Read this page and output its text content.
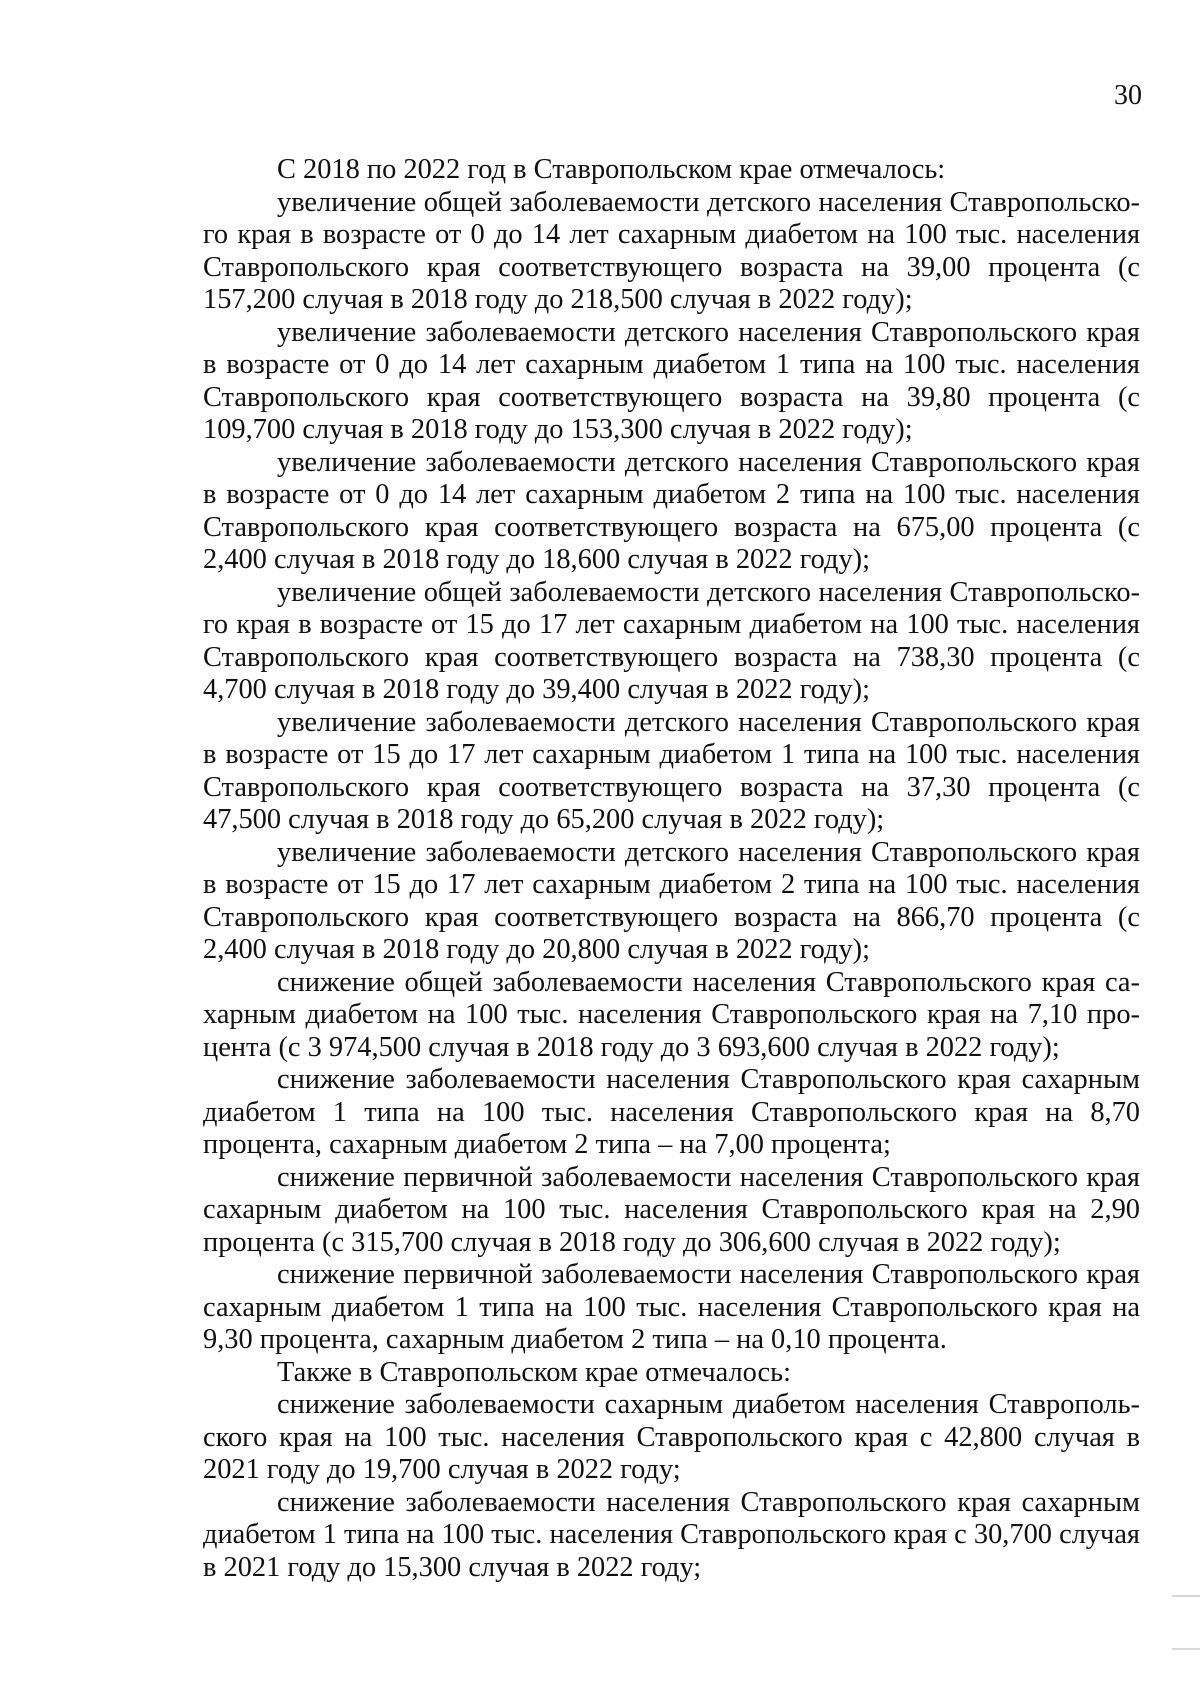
30

С 2018 по 2022 год в Ставропольском крае отмечалось:

увеличение общей заболеваемости детского населения Ставропольского края в возрасте от 0 до 14 лет сахарным диабетом на 100 тыс. населения Ставропольского края соответствующего возраста на 39,00 процента (с 157,200 случая в 2018 году до 218,500 случая в 2022 году);

увеличение заболеваемости детского населения Ставропольского края в возрасте от 0 до 14 лет сахарным диабетом 1 типа на 100 тыс. населения Ставропольского края соответствующего возраста на 39,80 процента (с 109,700 случая в 2018 году до 153,300 случая в 2022 году);

увеличение заболеваемости детского населения Ставропольского края в возрасте от 0 до 14 лет сахарным диабетом 2 типа на 100 тыс. населения Ставропольского края соответствующего возраста на 675,00 процента (с 2,400 случая в 2018 году до 18,600 случая в 2022 году);

увеличение общей заболеваемости детского населения Ставропольского края в возрасте от 15 до 17 лет сахарным диабетом на 100 тыс. населения Ставропольского края соответствующего возраста на 738,30 процента (с 4,700 случая в 2018 году до 39,400 случая в 2022 году);

увеличение заболеваемости детского населения Ставропольского края в возрасте от 15 до 17 лет сахарным диабетом 1 типа на 100 тыс. населения Ставропольского края соответствующего возраста на 37,30 процента (с 47,500 случая в 2018 году до 65,200 случая в 2022 году);

увеличение заболеваемости детского населения Ставропольского края в возрасте от 15 до 17 лет сахарным диабетом 2 типа на 100 тыс. населения Ставропольского края соответствующего возраста на 866,70 процента (с 2,400 случая в 2018 году до 20,800 случая в 2022 году);

снижение общей заболеваемости населения Ставропольского края сахарным диабетом на 100 тыс. населения Ставропольского края на 7,10 процента (с 3 974,500 случая в 2018 году до 3 693,600 случая в 2022 году);

снижение заболеваемости населения Ставропольского края сахарным диабетом 1 типа на 100 тыс. населения Ставропольского края на 8,70 процента, сахарным диабетом 2 типа – на 7,00 процента;

снижение первичной заболеваемости населения Ставропольского края сахарным диабетом на 100 тыс. населения Ставропольского края на 2,90 процента (с 315,700 случая в 2018 году до 306,600 случая в 2022 году);

снижение первичной заболеваемости населения Ставропольского края сахарным диабетом 1 типа на 100 тыс. населения Ставропольского края на 9,30 процента, сахарным диабетом 2 типа – на 0,10 процента.

Также в Ставропольском крае отмечалось:

снижение заболеваемости сахарным диабетом населения Ставропольского края на 100 тыс. населения Ставропольского края с 42,800 случая в 2021 году до 19,700 случая в 2022 году;

снижение заболеваемости населения Ставропольского края сахарным диабетом 1 типа на 100 тыс. населения Ставропольского края с 30,700 случая в 2021 году до 15,300 случая в 2022 году;
